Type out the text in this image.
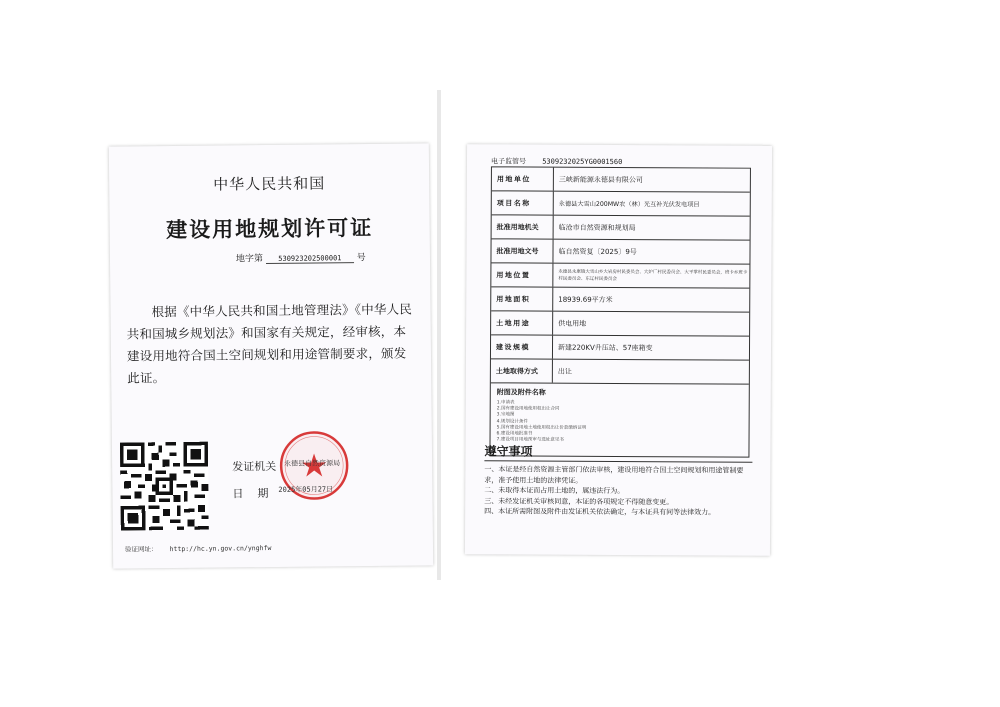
中华人民共和国
建设用地规划许可证
地字第 530923202500001 号
根据《中华人民共和国土地管理法》《中华人民共和国城乡规划法》和国家有关规定，经审核，本建设用地符合国土空间规划和用途管制要求，颁发此证。
发证机关
日期
永德县自然资源局
2025年05月27日
验证网址： http://hc.yn.gov.cn/ynghfw
电子监管号 5309232025YG0001560
用地单位	三峡新能源永德县有限公司
项目名称	永德县大雪山200MW农（林）光互补光伏发电项目
批准用地机关	临沧市自然资源和规划局
批准用地文号	临自然资复〔2025〕9号
用地位置	永德县永康镇大雪山乡大岩房村民委员会、大炉厂村民委员会、大平掌村民委员会，班卡乡班卡村民委员会、东辽村民委员会
用地面积	18939.69平方米
土地用途	供电用地
建设规模	新建220KV升压站、57座箱变
土地取得方式	出让
附图及附件名称
1.申请表
2.国有建设用地使用权出让合同
3.宗地图
4.规划设计条件
5.国有建设用地土地使用权出让价款缴纳证明
6.建设用地批准书
7.建设项目用地预审与选址意见书
遵守事项
一、本证是经自然资源主管部门依法审核，建设用地符合国土空间规划和用途管制要求，准予使用土地的法律凭证。
二、未取得本证而占用土地的，属违法行为。
三、未经发证机关审核同意，本证的各项规定不得随意变更。
四、本证所需附图及附件由发证机关依法确定，与本证具有同等法律效力。
